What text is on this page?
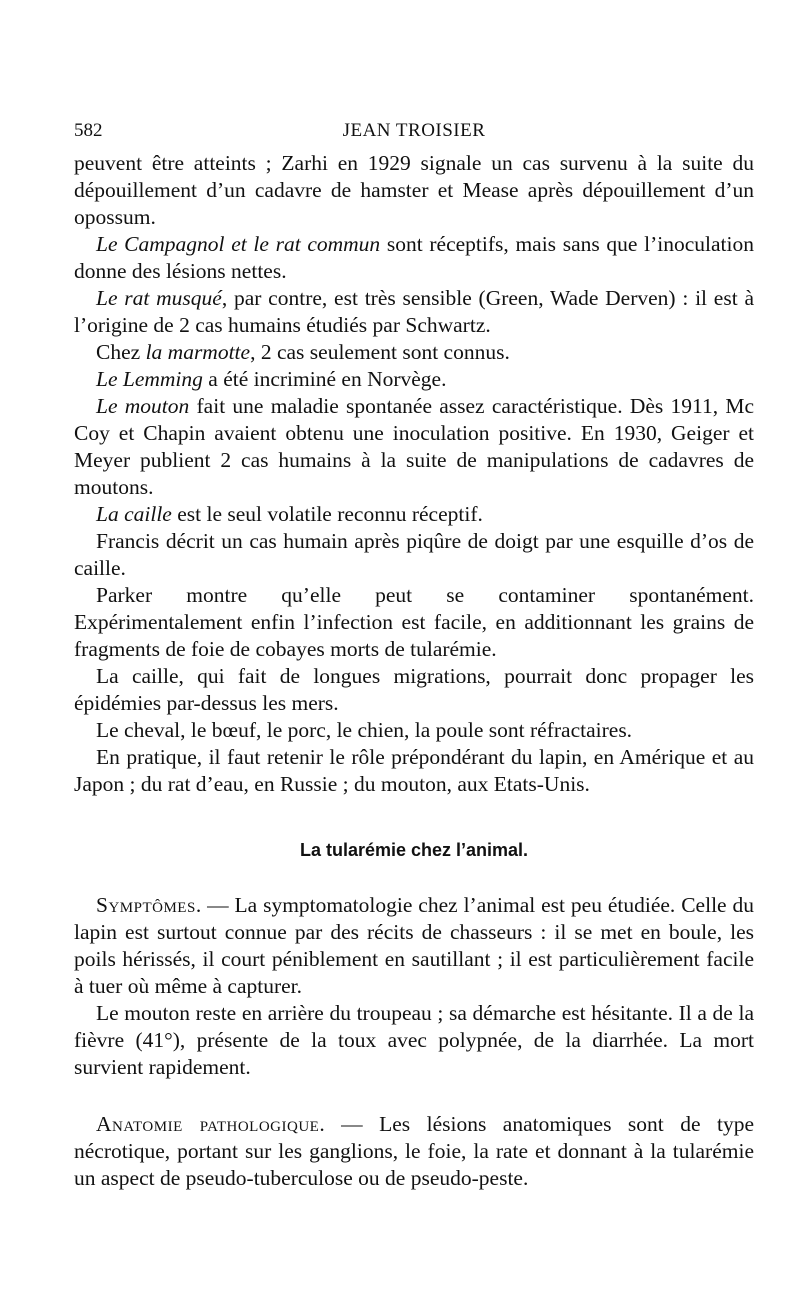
582	JEAN TROISIER

peuvent être atteints ; Zarhi en 1929 signale un cas survenu à la suite du dépouillement d’un cadavre de hamster et Mease après dépouillement d’un opossum.

Le Campagnol et le rat commun sont réceptifs, mais sans que l’inoculation donne des lésions nettes.

Le rat musqué, par contre, est très sensible (Green, Wade Derven) : il est à l’origine de 2 cas humains étudiés par Schwartz.

Chez la marmotte, 2 cas seulement sont connus.

Le Lemming a été incriminé en Norvège.

Le mouton fait une maladie spontanée assez caractéristique. Dès 1911, Mc Coy et Chapin avaient obtenu une inoculation positive. En 1930, Geiger et Meyer publient 2 cas humains à la suite de manipulations de cadavres de moutons.

La caille est le seul volatile reconnu réceptif.

Francis décrit un cas humain après piqûre de doigt par une esquille d’os de caille.

Parker montre qu’elle peut se contaminer spontanément. Expérimentalement enfin l’infection est facile, en additionnant les grains de fragments de foie de cobayes morts de tularémie.

La caille, qui fait de longues migrations, pourrait donc propager les épidémies par-dessus les mers.

Le cheval, le bœuf, le porc, le chien, la poule sont réfractaires.

En pratique, il faut retenir le rôle prépondérant du lapin, en Amérique et au Japon ; du rat d’eau, en Russie ; du mouton, aux Etats-Unis.

La tularémie chez l’animal.

Symptômes. — La symptomatologie chez l’animal est peu étudiée. Celle du lapin est surtout connue par des récits de chasseurs : il se met en boule, les poils hérissés, il court péniblement en sautillant ; il est particulièrement facile à tuer où même à capturer.

Le mouton reste en arrière du troupeau ; sa démarche est hésitante. Il a de la fièvre (41°), présente de la toux avec polypnée, de la diarrhée. La mort survient rapidement.

Anatomie pathologique. — Les lésions anatomiques sont de type nécrotique, portant sur les ganglions, le foie, la rate et donnant à la tularémie un aspect de pseudo-tuberculose ou de pseudo-peste.
